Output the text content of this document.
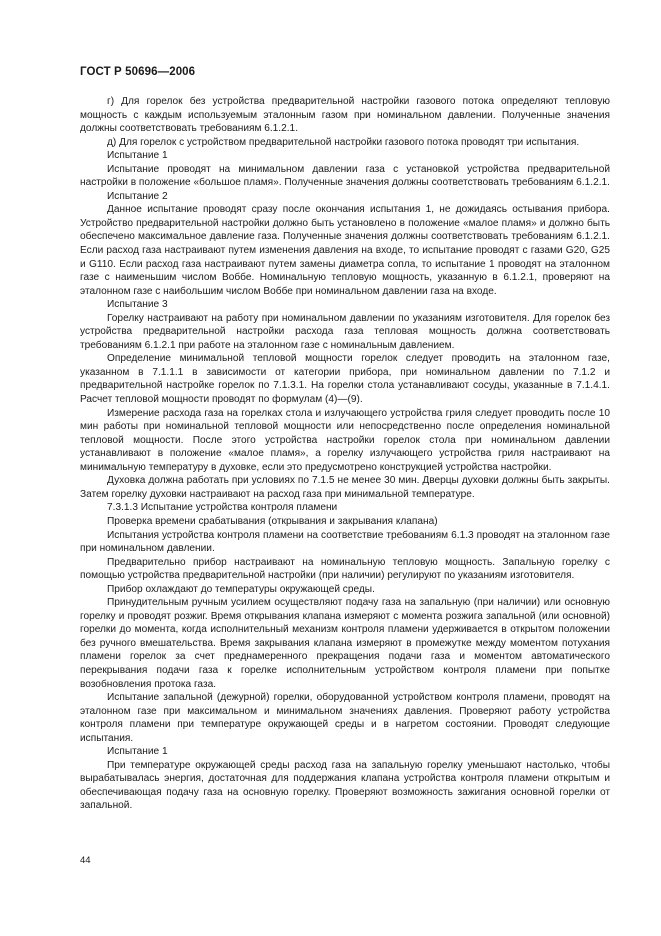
ГОСТ Р 50696—2006

г) Для горелок без устройства предварительной настройки газового потока определяют тепловую мощность с каждым используемым эталонным газом при номинальном давлении. Полученные значения должны соответствовать требованиям 6.1.2.1.

д) Для горелок с устройством предварительной настройки газового потока проводят три испытания.

Испытание 1

Испытание проводят на минимальном давлении газа с установкой устройства предварительной настройки в положение «большое пламя». Полученные значения должны соответствовать требованиям 6.1.2.1.

Испытание 2

Данное испытание проводят сразу после окончания испытания 1, не дожидаясь остывания прибора. Устройство предварительной настройки должно быть установлено в положение «малое пламя» и должно быть обеспечено максимальное давление газа. Полученные значения должны соответствовать требованиям 6.1.2.1. Если расход газа настраивают путем изменения давления на входе, то испытание проводят с газами G20, G25 и G110. Если расход газа настраивают путем замены диаметра сопла, то испытание 1 проводят на эталонном газе с наименьшим числом Воббе. Номинальную тепловую мощность, указанную в 6.1.2.1, проверяют на эталонном газе с наибольшим числом Воббе при номинальном давлении газа на входе.

Испытание 3

Горелку настраивают на работу при номинальном давлении по указаниям изготовителя. Для горелок без устройства предварительной настройки расхода газа тепловая мощность должна соответствовать требованиям 6.1.2.1 при работе на эталонном газе с номинальным давлением.

Определение минимальной тепловой мощности горелок следует проводить на эталонном газе, указанном в 7.1.1.1 в зависимости от категории прибора, при номинальном давлении по 7.1.2 и предварительной настройке горелок по 7.1.3.1. На горелки стола устанавливают сосуды, указанные в 7.1.4.1. Расчет тепловой мощности проводят по формулам (4)—(9).

Измерение расхода газа на горелках стола и излучающего устройства гриля следует проводить после 10 мин работы при номинальной тепловой мощности или непосредственно после определения номинальной тепловой мощности. После этого устройства настройки горелок стола при номинальном давлении устанавливают в положение «малое пламя», а горелку излучающего устройства гриля настраивают на минимальную температуру в духовке, если это предусмотрено конструкцией устройства настройки.

Духовка должна работать при условиях по 7.1.5 не менее 30 мин. Дверцы духовки должны быть закрыты. Затем горелку духовки настраивают на расход газа при минимальной температуре.

7.3.1.3 Испытание устройства контроля пламени

Проверка времени срабатывания (открывания и закрывания клапана)

Испытания устройства контроля пламени на соответствие требованиям 6.1.3 проводят на эталонном газе при номинальном давлении.

Предварительно прибор настраивают на номинальную тепловую мощность. Запальную горелку с помощью устройства предварительной настройки (при наличии) регулируют по указаниям изготовителя.

Прибор охлаждают до температуры окружающей среды.

Принудительным ручным усилием осуществляют подачу газа на запальную (при наличии) или основную горелку и проводят розжиг. Время открывания клапана измеряют с момента розжига запальной (или основной) горелки до момента, когда исполнительный механизм контроля пламени удерживается в открытом положении без ручного вмешательства. Время закрывания клапана измеряют в промежутке между моментом потухания пламени горелок за счет преднамеренного прекращения подачи газа и моментом автоматического перекрывания подачи газа к горелке исполнительным устройством контроля пламени при попытке возобновления протока газа.

Испытание запальной (дежурной) горелки, оборудованной устройством контроля пламени, проводят на эталонном газе при максимальном и минимальном значениях давления. Проверяют работу устройства контроля пламени при температуре окружающей среды и в нагретом состоянии. Проводят следующие испытания.

Испытание 1

При температуре окружающей среды расход газа на запальную горелку уменьшают настолько, чтобы вырабатывалась энергия, достаточная для поддержания клапана устройства контроля пламени открытым и обеспечивающая подачу газа на основную горелку. Проверяют возможность зажигания основной горелки от запальной.

44
